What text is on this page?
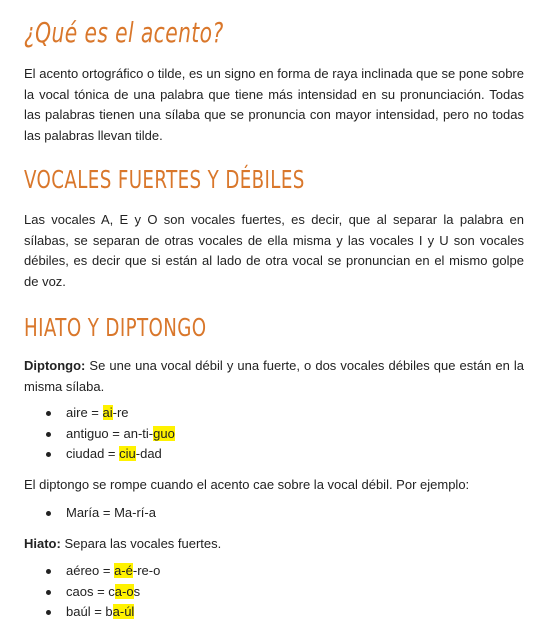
¿Qué es el acento?

El acento ortográfico o tilde, es un signo en forma de raya inclinada que se pone sobre la vocal tónica de una palabra que tiene más intensidad en su pronunciación. Todas las palabras tienen una sílaba que se pronuncia con mayor intensidad, pero no todas las palabras llevan tilde.

VOCALES FUERTES Y DÉBILES

Las vocales A, E y O son vocales fuertes, es decir, que al separar la palabra en sílabas, se separan de otras vocales de ella misma y las vocales I y U son vocales débiles, es decir que si están al lado de otra vocal se pronuncian en el mismo golpe de voz.

HIATO Y DIPTONGO

Diptongo: Se une una vocal débil y una fuerte, o dos vocales débiles que están en la misma sílaba.

aire = ai-re
antiguo = an-ti-guo
ciudad = ciu-dad

El diptongo se rompe cuando el acento cae sobre la vocal débil. Por ejemplo:

María = Ma-rí-a

Hiato: Separa las vocales fuertes.

aéreo = a-é-re-o
caos = ca-os
baúl = ba-úl
